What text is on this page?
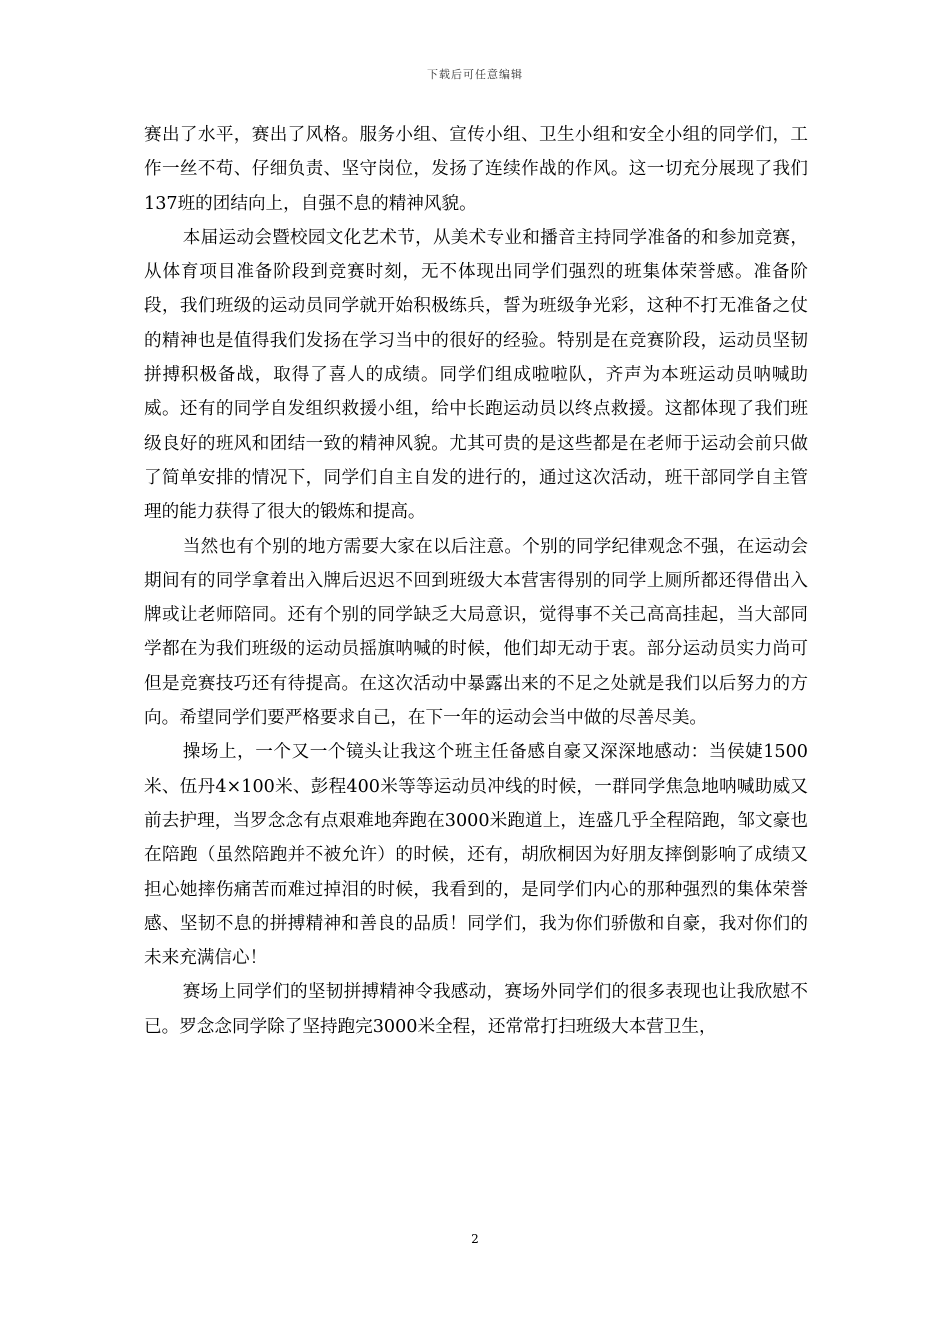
下载后可任意编辑

赛出了水平，赛出了风格。服务小组、宣传小组、卫生小组和安全小组的同学们，工作一丝不苟、仔细负责、坚守岗位，发扬了连续作战的作风。这一切充分展现了我们137班的团结向上，自强不息的精神风貌。

本届运动会暨校园文化艺术节，从美术专业和播音主持同学准备的和参加竞赛，从体育项目准备阶段到竞赛时刻，无不体现出同学们强烈的班集体荣誉感。准备阶段，我们班级的运动员同学就开始积极练兵，誓为班级争光彩，这种不打无准备之仗的精神也是值得我们发扬在学习当中的很好的经验。特别是在竞赛阶段，运动员坚韧拼搏积极备战，取得了喜人的成绩。同学们组成啦啦队，齐声为本班运动员呐喊助威。还有的同学自发组织救援小组，给中长跑运动员以终点救援。这都体现了我们班级良好的班风和团结一致的精神风貌。尤其可贵的是这些都是在老师于运动会前只做了简单安排的情况下，同学们自主自发的进行的，通过这次活动，班干部同学自主管理的能力获得了很大的锻炼和提高。

当然也有个别的地方需要大家在以后注意。个别的同学纪律观念不强，在运动会期间有的同学拿着出入牌后迟迟不回到班级大本营害得别的同学上厕所都还得借出入牌或让老师陪同。还有个别的同学缺乏大局意识，觉得事不关己高高挂起，当大部同学都在为我们班级的运动员摇旗呐喊的时候，他们却无动于衷。部分运动员实力尚可但是竞赛技巧还有待提高。在这次活动中暴露出来的不足之处就是我们以后努力的方向。希望同学们要严格要求自己，在下一年的运动会当中做的尽善尽美。

操场上，一个又一个镜头让我这个班主任备感自豪又深深地感动：当侯婕1500米、伍丹4×100米、彭程400米等等运动员冲线的时候，一群同学焦急地呐喊助威又前去护理，当罗念念有点艰难地奔跑在3000米跑道上，连盛几乎全程陪跑，邹文豪也在陪跑（虽然陪跑并不被允许）的时候，还有，胡欣桐因为好朋友摔倒影响了成绩又担心她摔伤痛苦而难过掉泪的时候，我看到的，是同学们内心的那种强烈的集体荣誉感、坚韧不息的拼搏精神和善良的品质！同学们，我为你们骄傲和自豪，我对你们的未来充满信心！

赛场上同学们的坚韧拼搏精神令我感动，赛场外同学们的很多表现也让我欣慰不已。罗念念同学除了坚持跑完3000米全程，还常常打扫班级大本营卫生，

2
